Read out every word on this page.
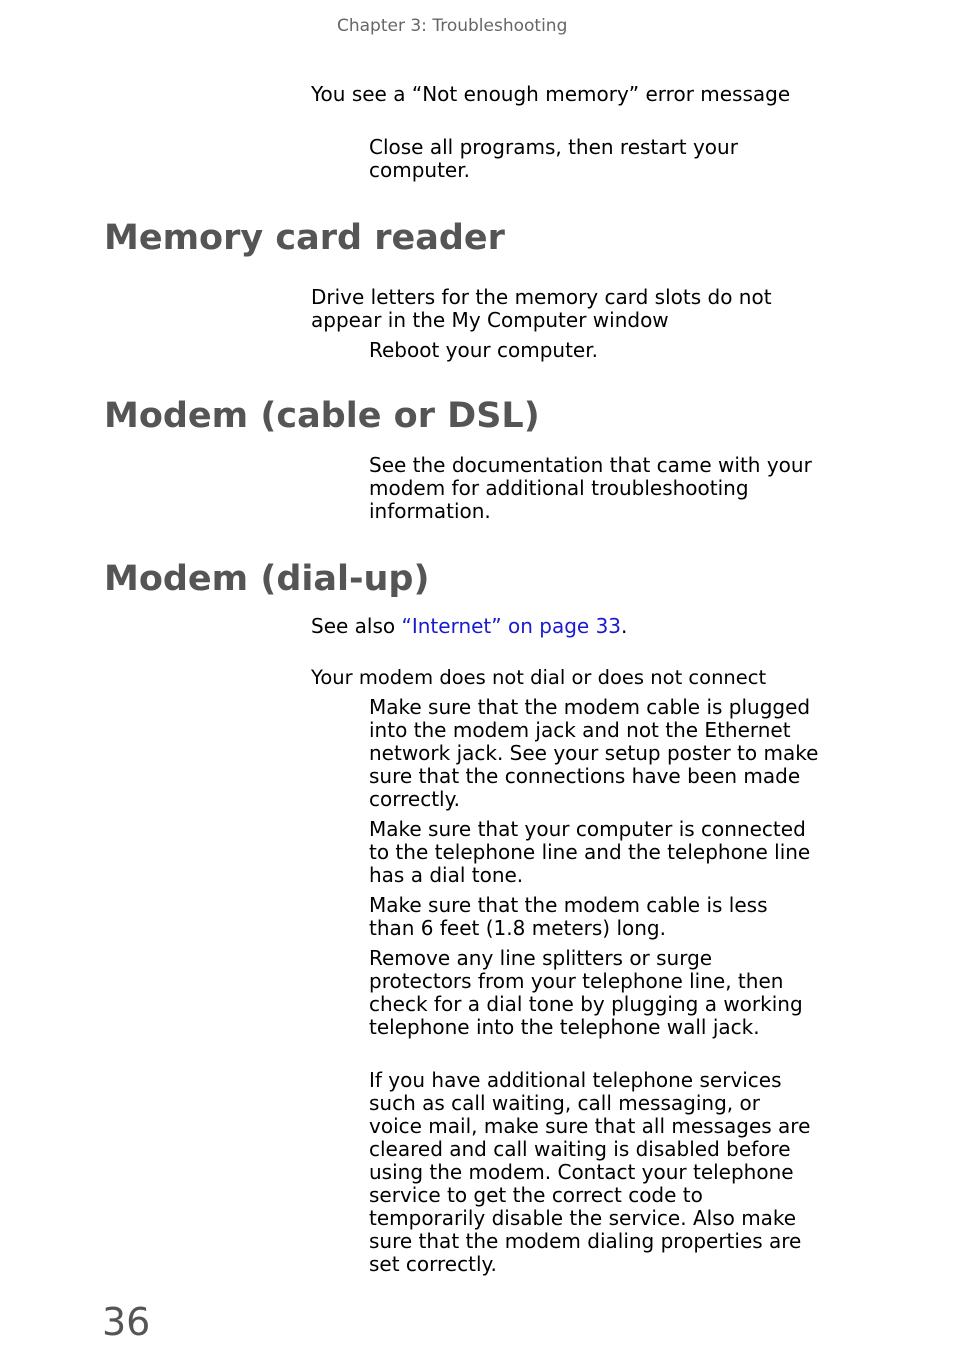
Chapter 3: Troubleshooting

You see a “Not enough memory” error message

Close all programs, then restart your computer.

Memory card reader

Drive letters for the memory card slots do not appear in the My Computer window

Reboot your computer.

Modem (cable or DSL)

See the documentation that came with your modem for additional troubleshooting information.

Modem (dial-up)

See also “Internet” on page 33.

Your modem does not dial or does not connect

Make sure that the modem cable is plugged into the modem jack and not the Ethernet network jack. See your setup poster to make sure that the connections have been made correctly.

Make sure that your computer is connected to the telephone line and the telephone line has a dial tone.

Make sure that the modem cable is less than 6 feet (1.8 meters) long.

Remove any line splitters or surge protectors from your telephone line, then check for a dial tone by plugging a working telephone into the telephone wall jack.

If you have additional telephone services such as call waiting, call messaging, or voice mail, make sure that all messages are cleared and call waiting is disabled before using the modem. Contact your telephone service to get the correct code to temporarily disable the service. Also make sure that the modem dialing properties are set correctly.

36
